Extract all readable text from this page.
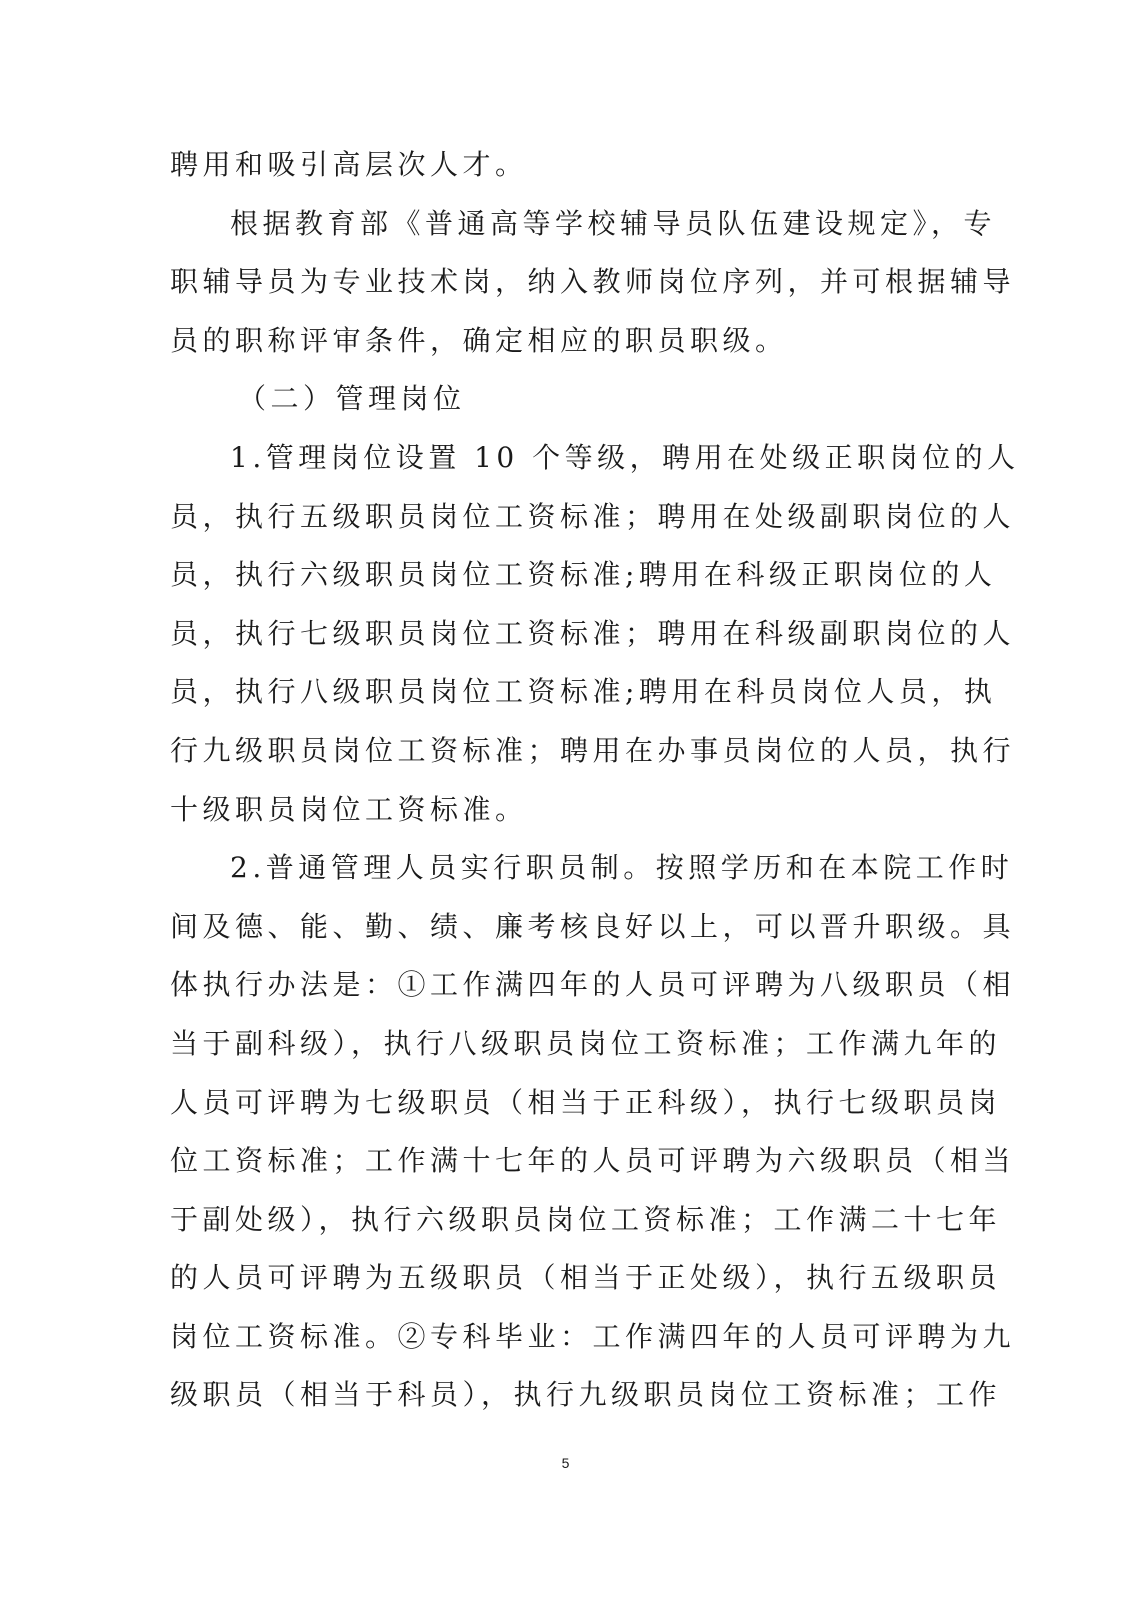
聘用和吸引高层次人才。
根据教育部《普通高等学校辅导员队伍建设规定》，专
职辅导员为专业技术岗，纳入教师岗位序列，并可根据辅导
员的职称评审条件，确定相应的职员职级。
（二）管理岗位
1.管理岗位设置 10 个等级，聘用在处级正职岗位的人
员，执行五级职员岗位工资标准；聘用在处级副职岗位的人
员，执行六级职员岗位工资标准;聘用在科级正职岗位的人
员，执行七级职员岗位工资标准；聘用在科级副职岗位的人
员，执行八级职员岗位工资标准;聘用在科员岗位人员，执
行九级职员岗位工资标准；聘用在办事员岗位的人员，执行
十级职员岗位工资标准。
2.普通管理人员实行职员制。按照学历和在本院工作时
间及德、能、勤、绩、廉考核良好以上，可以晋升职级。具
体执行办法是：①工作满四年的人员可评聘为八级职员（相
当于副科级），执行八级职员岗位工资标准；工作满九年的
人员可评聘为七级职员（相当于正科级），执行七级职员岗
位工资标准；工作满十七年的人员可评聘为六级职员（相当
于副处级），执行六级职员岗位工资标准；工作满二十七年
的人员可评聘为五级职员（相当于正处级），执行五级职员
岗位工资标准。②专科毕业：工作满四年的人员可评聘为九
级职员（相当于科员），执行九级职员岗位工资标准；工作
5
